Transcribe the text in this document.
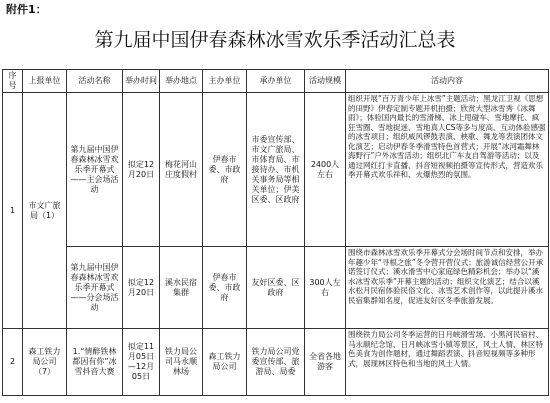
附件1：
第九届中国伊春森林冰雪欢乐季活动汇总表
序号	上报单位	活动名称	举办时间	举办地点	主办单位	承办单位	活动规模	活动内容
1	市文广旅局（1）	第九届中国伊春森林冰雪欢乐季开幕式——主会场活动	拟定12月20日	梅花河山庄度假村	伊春市委、市政府	市委宣传部、市文广旅局、市体育局、市接待办、市机关事务局等相关单位；伊美区委、区政府	2400人左右	组织开展“百万青少年上冰雪”主题活动；黑龙江卫视《思想的田野》伊春定制专题开机拍摄；欣赏大型冰雪秀《冰舞雨》；体验国内最长的雪滑梯、冰上甩碰车、雪地摩托、疯狂雪圈、雪地捉迷、雪地真人CS等多与度高、互动体验感强的冰雪项目；组织威风锣鼓表演、秧歌、舞龙等表演团体文化演艺；启动伊春冬季滑雪特色首营式；开展“冰河霜舞林海野行”户外冰雪活动；组织北广车友自驾游等活动；以及通过网红打卡直播、抖音短视频拍摄等宣传形式，营造欢乐季开幕式欢乐祥和、火爆热烈的氛围。
		第九届中国伊春森林冰雪欢乐季开幕式——分会场活动	拟定12月20日	溪水民宿集群	伊春市委、市政府	友好区委、区政府	300人左右	围绕市森林冰雪欢乐季开幕式分会场时间节点和安排，举办年趣少年“寻根之旅”冬令营开营仪式；旅游诚信经营公开承诺签订仪式；溪水滑雪中心家庭绿色精彩机会；举办以“溪水冰雪欢乐季”开幕主题的活动；组织文化演艺；结合以溪水松月民宿体验民俗文化、冰雪艺术创作等，以此提升溪水民宿集群知名度，促进友好区冬季旅游发展。
2	森工铁力局公司（7）	1.“情醉铁林 都因有你”冰雪抖音大赛	拟定11月05日—12月05日	铁力局公司马永顺林场	森工铁力局公司	铁力局公司党委宣传部、旅游局、局委	全省各地游客	围绕铁力局公司冬季运营的日月峡滑雪场、小黑河民宿村、马永顺纪念馆、日月峡冰雪小镇等景区，风土人情、林区特色美食为创作题材，通过舞蹈表演、抖音短视频等多种形式，展现林区特色和当地的风土人情。
